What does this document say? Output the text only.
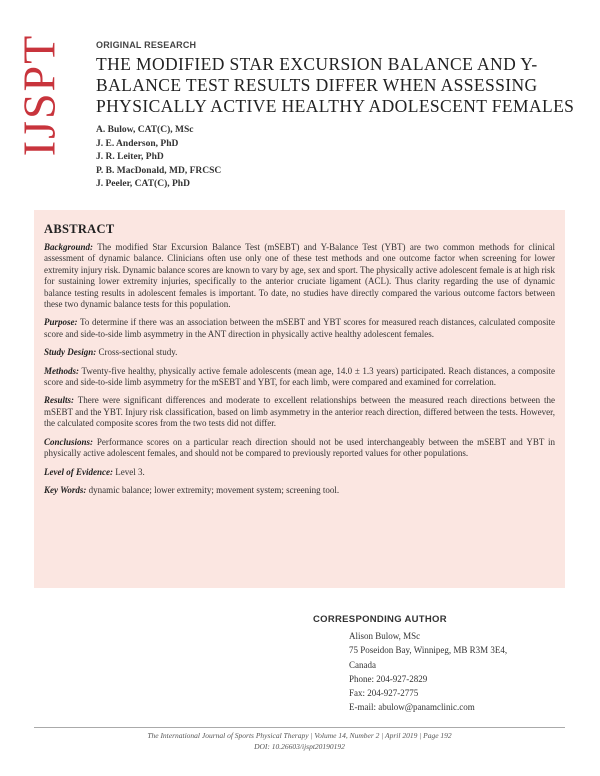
IJSPT	ORIGINAL RESEARCH
THE MODIFIED STAR EXCURSION BALANCE AND Y-BALANCE TEST RESULTS DIFFER WHEN ASSESSING PHYSICALLY ACTIVE HEALTHY ADOLESCENT FEMALES
A. Bulow, CAT(C), MSc
J. E. Anderson, PhD
J. R. Leiter, PhD
P. B. MacDonald, MD, FRCSC
J. Peeler, CAT(C), PhD
ABSTRACT

Background: The modified Star Excursion Balance Test (mSEBT) and Y-Balance Test (YBT) are two common methods for clinical assessment of dynamic balance. Clinicians often use only one of these test methods and one outcome factor when screening for lower extremity injury risk. Dynamic balance scores are known to vary by age, sex and sport. The physically active adolescent female is at high risk for sustaining lower extremity injuries, specifically to the anterior cruciate ligament (ACL). Thus clarity regarding the use of dynamic balance testing results in adolescent females is important. To date, no studies have directly compared the various outcome factors between these two dynamic balance tests for this population.

Purpose: To determine if there was an association between the mSEBT and YBT scores for measured reach distances, calculated composite score and side-to-side limb asymmetry in the ANT direction in physically active healthy adolescent females.

Study Design: Cross-sectional study.

Methods: Twenty-five healthy, physically active female adolescents (mean age, 14.0 ± 1.3 years) participated. Reach distances, a composite score and side-to-side limb asymmetry for the mSEBT and YBT, for each limb, were compared and examined for correlation.

Results: There were significant differences and moderate to excellent relationships between the measured reach directions between the mSEBT and the YBT. Injury risk classification, based on limb asymmetry in the anterior reach direction, differed between the tests. However, the calculated composite scores from the two tests did not differ.

Conclusions: Performance scores on a particular reach direction should not be used interchangeably between the mSEBT and YBT in physically active adolescent females, and should not be compared to previously reported values for other populations.

Level of Evidence: Level 3.

Key Words: dynamic balance; lower extremity; movement system; screening tool.

CORRESPONDING AUTHOR
Alison Bulow, MSc
75 Poseidon Bay, Winnipeg, MB R3M 3E4,
Canada
Phone: 204-927-2829
Fax: 204-927-2775
E-mail: abulow@panamclinic.com
The International Journal of Sports Physical Therapy | Volume 14, Number 2 | April 2019 | Page 192
DOI: 10.26603/ijspt20190192
